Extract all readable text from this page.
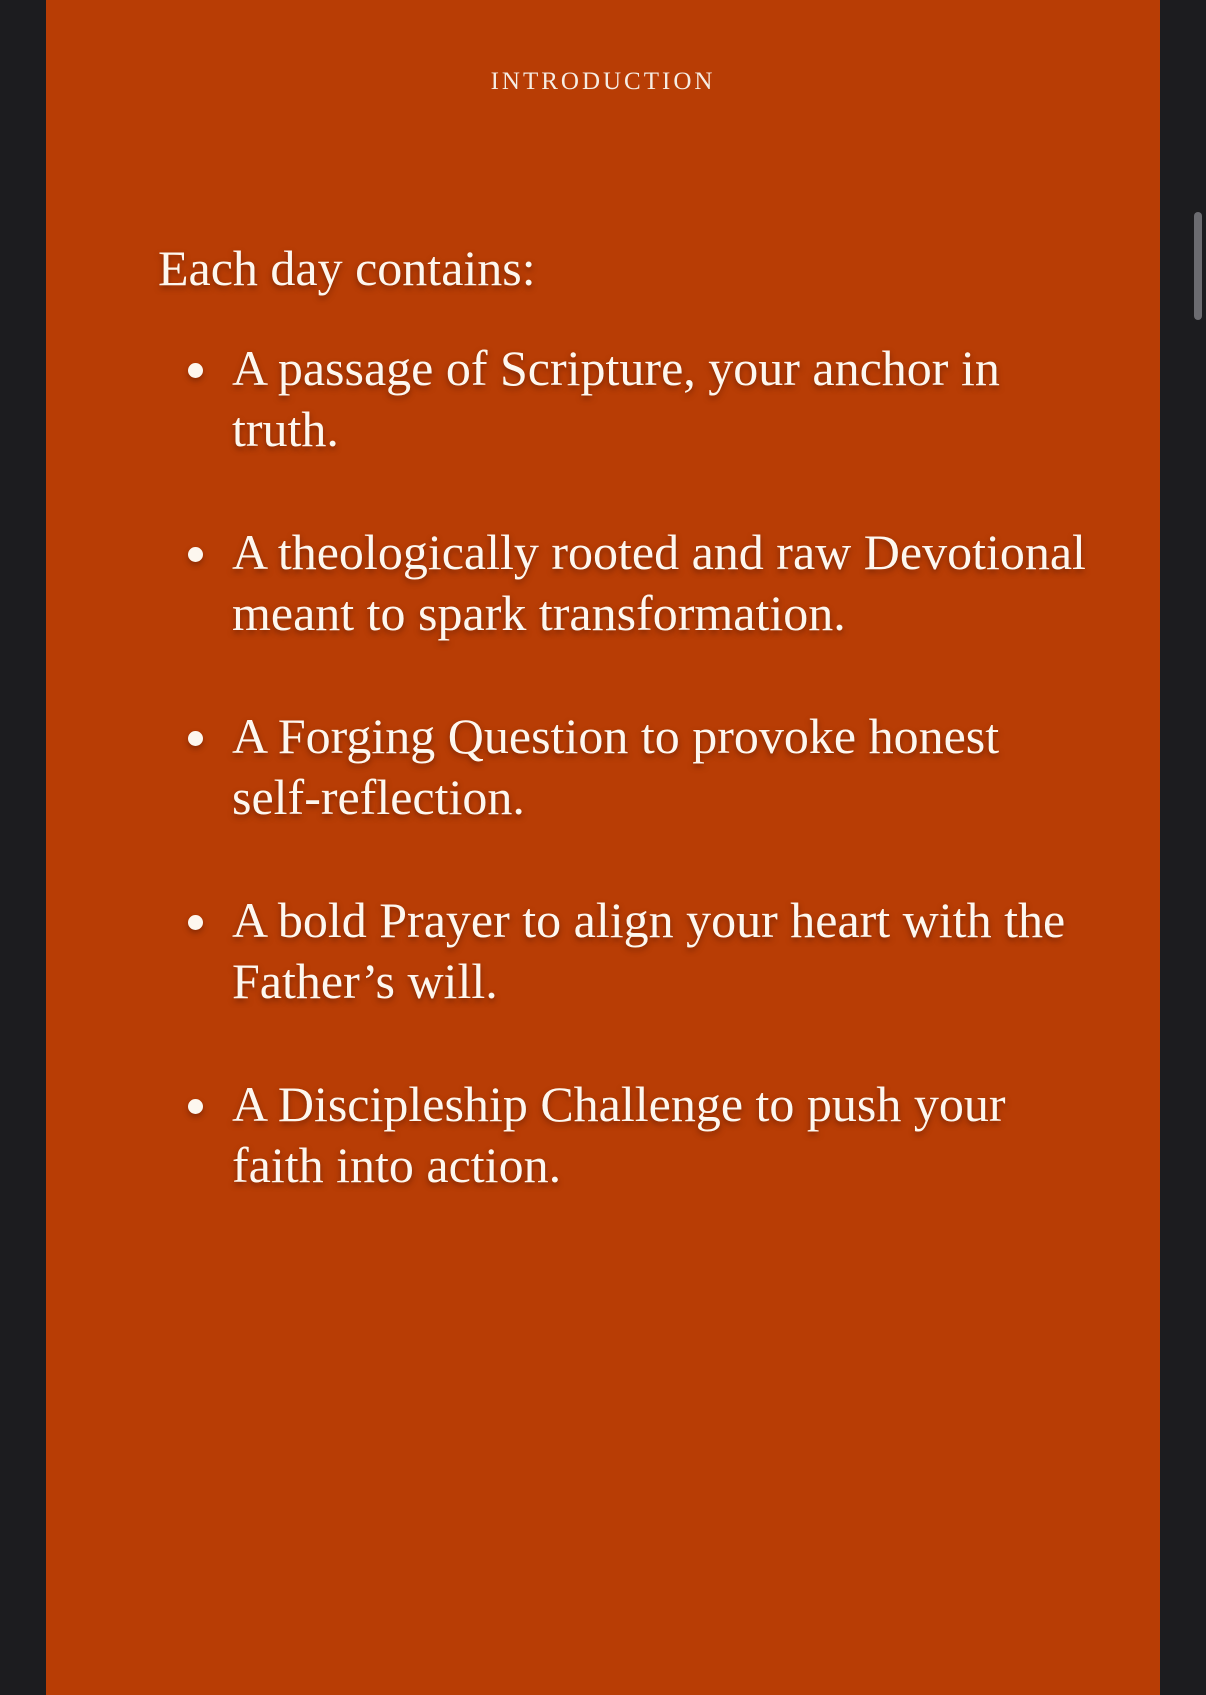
INTRODUCTION

Each day contains:

A passage of Scripture, your anchor in truth.
A theologically rooted and raw Devotional meant to spark transformation.
A Forging Question to provoke honest self-reflection.
A bold Prayer to align your heart with the Father’s will.
A Discipleship Challenge to push your faith into action.
